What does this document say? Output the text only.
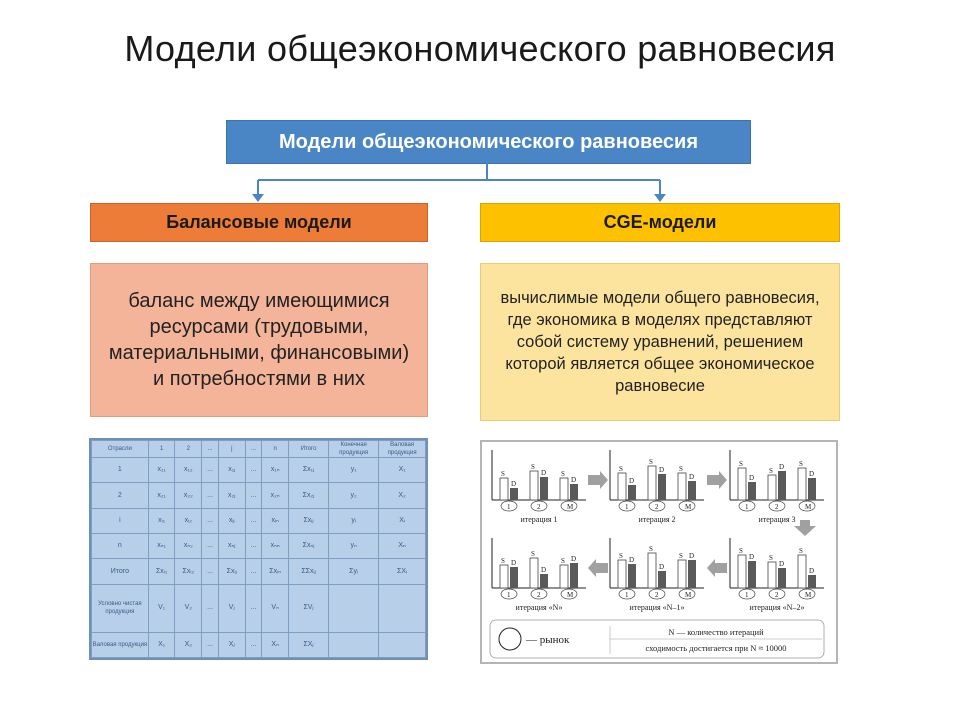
Модели общеэкономического равновесия
Модели общеэкономического равновесия
Балансовые модели
баланс между имеющимися ресурсами (трудовыми, материальными, финансовыми) и потребностями в них
CGE-модели
вычислимые модели общего равновесия, где экономика в моделях представляют собой систему уравнений, решением которой является общее экономическое равновесие
Отрасли	1	2	...	j	...	n	Итого	Конечная продукция	Валовая продукция
1	x₁₁	x₁₂	...	x₁ⱼ	...	x₁ₙ	Σx₁ⱼ	y₁	X₁
2	x₂₁	x₂₂	...	x₂ⱼ	...	x₂ₙ	Σx₂ⱼ	y₂	X₂
i	xᵢ₁	xᵢ₂	...	xᵢⱼ	...	xᵢₙ	Σxᵢⱼ	yᵢ	Xᵢ
n	xₙ₁	xₙ₂	...	xₙⱼ	...	xₙₙ	Σxₙⱼ	yₙ	Xₙ
Итого	Σxᵢ₁	Σxᵢ₂	...	Σxᵢⱼ	...	Σxᵢₙ	ΣΣxᵢⱼ	Σyᵢ	ΣXᵢ
Условно чистая продукция	V₁	V₂	...	Vⱼ	...	Vₙ	ΣVⱼ		
Валовая продукция	X₁	X₂	...	Xⱼ	...	Xₙ	ΣXⱼ		
S
D
1
S
D
2
S
D
M
итерация 1
S
D
1
S
D
2
S
D
M
итерация 2
S
D
1
S D
2
S
D
M
итерация 3
S D
1
S
D
2
S D
M
итерация «N»
S D
1
S
D
2
S D
M
итерация «N–1»
S
D
1
S
D
2
S
D
M
итерация «N–2»
— рынок
N — количество итераций
сходимость достигается при N ≈ 10000
